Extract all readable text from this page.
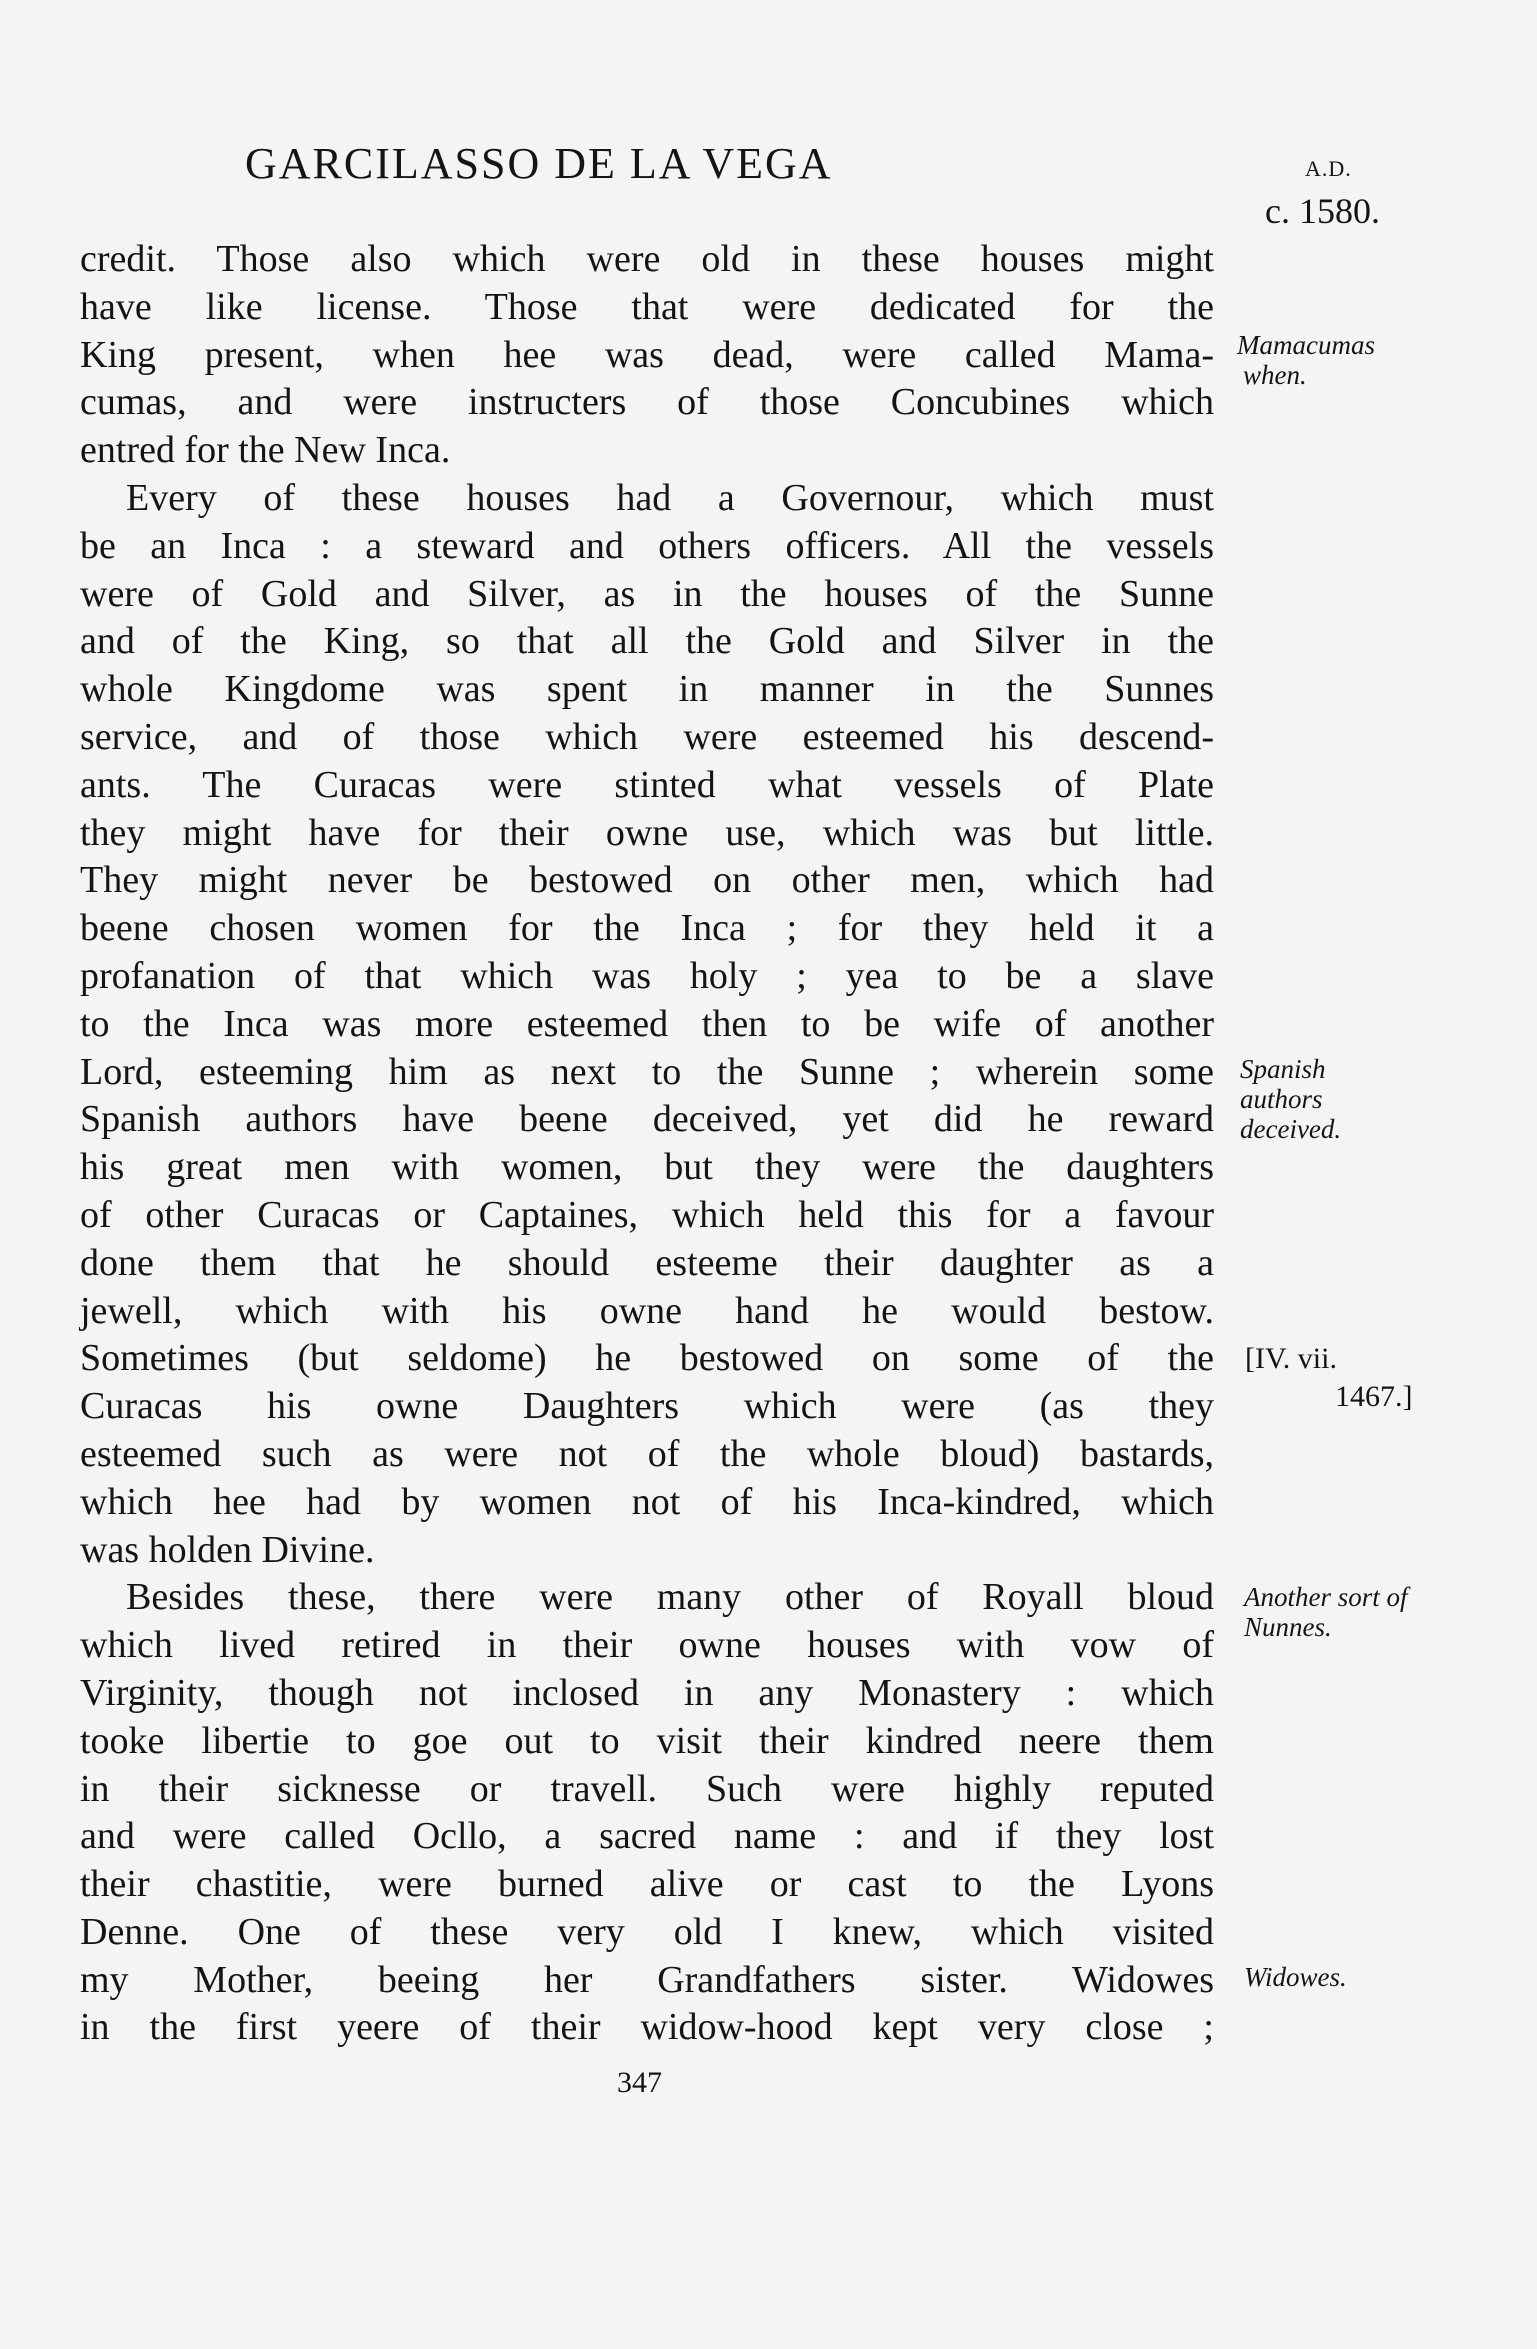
GARCILASSO DE LA VEGA	A.D.
c. 1580.
credit. Those also which were old in these houses might
have like license. Those that were dedicated for the
King present, when hee was dead, were called Mama-
cumas, and were instructers of those Concubines which
entred for the New Inca.
Every of these houses had a Governour, which must
be an Inca : a steward and others officers. All the vessels
were of Gold and Silver, as in the houses of the Sunne
and of the King, so that all the Gold and Silver in the
whole Kingdome was spent in manner in the Sunnes
service, and of those which were esteemed his descend-
ants. The Curacas were stinted what vessels of Plate
they might have for their owne use, which was but little.
They might never be bestowed on other men, which had
beene chosen women for the Inca ; for they held it a
profanation of that which was holy ; yea to be a slave
to the Inca was more esteemed then to be wife of another
Lord, esteeming him as next to the Sunne ; wherein some
Spanish authors have beene deceived, yet did he reward
his great men with women, but they were the daughters
of other Curacas or Captaines, which held this for a favour
done them that he should esteeme their daughter as a
jewell, which with his owne hand he would bestow.
Sometimes (but seldome) he bestowed on some of the
Curacas his owne Daughters which were (as they
esteemed such as were not of the whole bloud) bastards,
which hee had by women not of his Inca-kindred, which
was holden Divine.
Besides these, there were many other of Royall bloud
which lived retired in their owne houses with vow of
Virginity, though not inclosed in any Monastery : which
tooke libertie to goe out to visit their kindred neere them
in their sicknesse or travell. Such were highly reputed
and were called Ocllo, a sacred name : and if they lost
their chastitie, were burned alive or cast to the Lyons
Denne. One of these very old I knew, which visited
my Mother, beeing her Grandfathers sister. Widowes
in the first yeere of their widow-hood kept very close ;
Mamacumas
when.
Spanish
authors
deceived.
[IV. vii.
1467.]
Another sort of
Nunnes.
Widowes.
347
